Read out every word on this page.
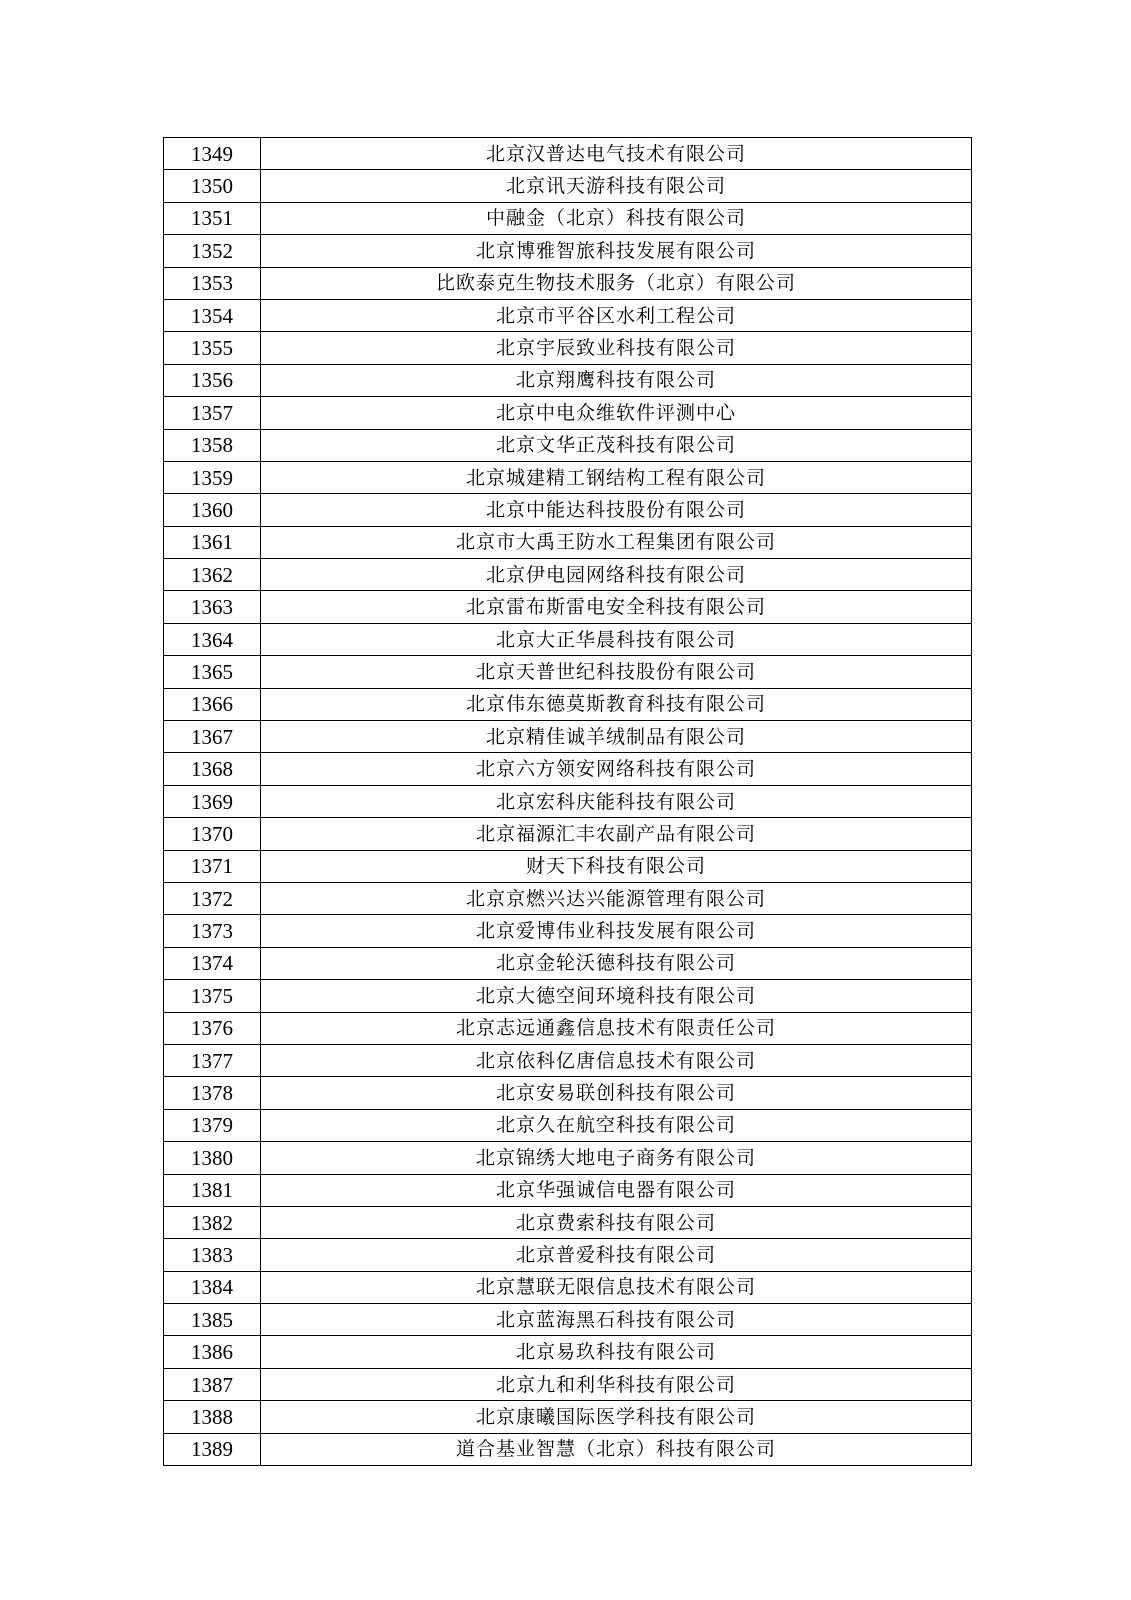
1349	北京汉普达电气技术有限公司
1350	北京讯天游科技有限公司
1351	中融金（北京）科技有限公司
1352	北京博雅智旅科技发展有限公司
1353	比欧泰克生物技术服务（北京）有限公司
1354	北京市平谷区水利工程公司
1355	北京宇辰致业科技有限公司
1356	北京翔鹰科技有限公司
1357	北京中电众维软件评测中心
1358	北京文华正茂科技有限公司
1359	北京城建精工钢结构工程有限公司
1360	北京中能达科技股份有限公司
1361	北京市大禹王防水工程集团有限公司
1362	北京伊电园网络科技有限公司
1363	北京雷布斯雷电安全科技有限公司
1364	北京大正华晨科技有限公司
1365	北京天普世纪科技股份有限公司
1366	北京伟东德莫斯教育科技有限公司
1367	北京精佳诚羊绒制品有限公司
1368	北京六方领安网络科技有限公司
1369	北京宏科庆能科技有限公司
1370	北京福源汇丰农副产品有限公司
1371	财天下科技有限公司
1372	北京京燃兴达兴能源管理有限公司
1373	北京爱博伟业科技发展有限公司
1374	北京金轮沃德科技有限公司
1375	北京大德空间环境科技有限公司
1376	北京志远通鑫信息技术有限责任公司
1377	北京依科亿唐信息技术有限公司
1378	北京安易联创科技有限公司
1379	北京久在航空科技有限公司
1380	北京锦绣大地电子商务有限公司
1381	北京华强诚信电器有限公司
1382	北京费索科技有限公司
1383	北京普爱科技有限公司
1384	北京慧联无限信息技术有限公司
1385	北京蓝海黑石科技有限公司
1386	北京易玖科技有限公司
1387	北京九和利华科技有限公司
1388	北京康曦国际医学科技有限公司
1389	道合基业智慧（北京）科技有限公司
